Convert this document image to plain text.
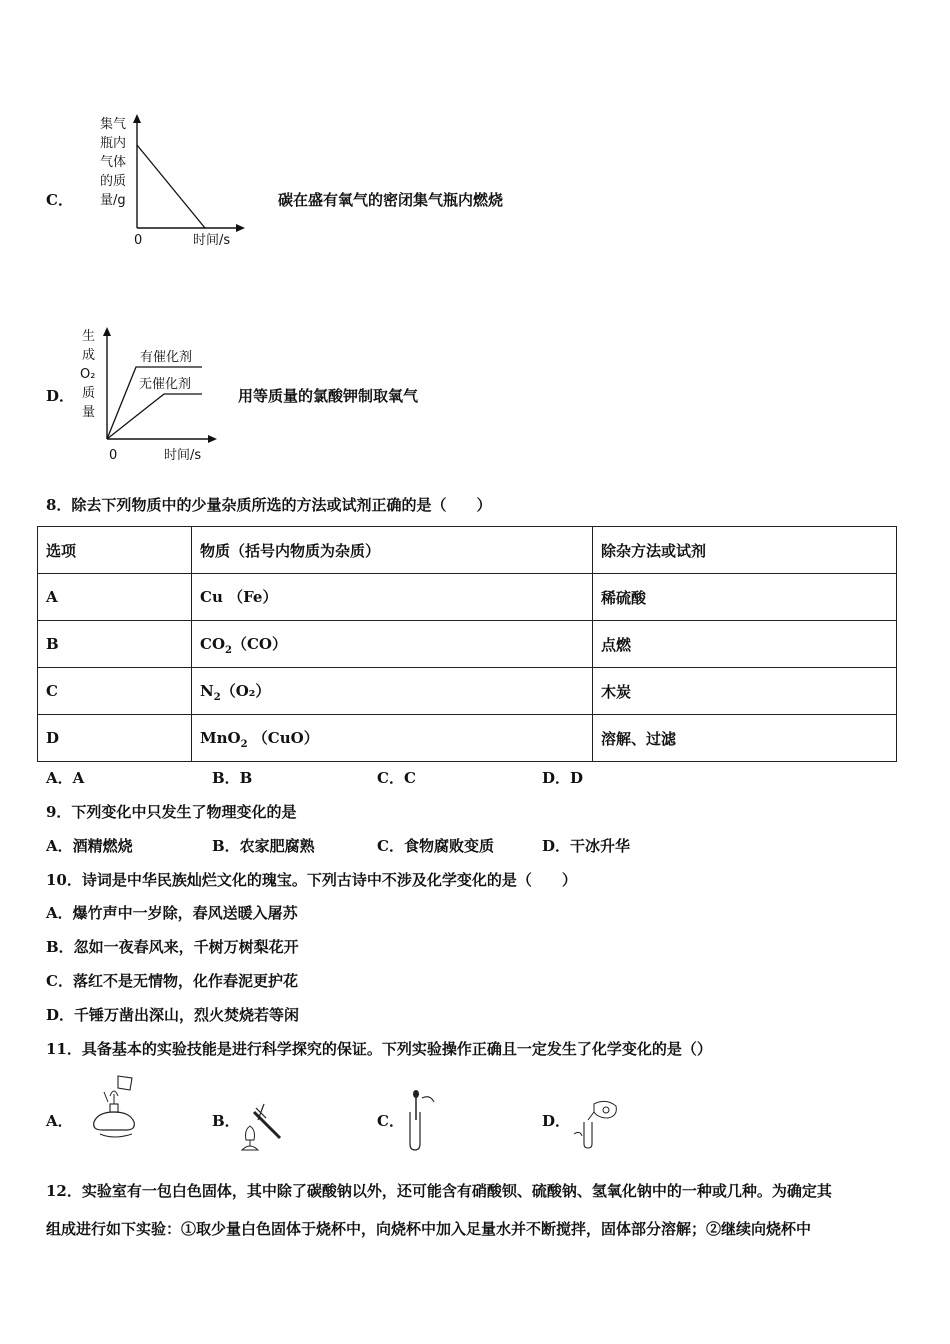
C．
集气
瓶内
气体
的质
量/g
0	时间/s
碳在盛有氧气的密闭集气瓶内燃烧
D．
生
成
O₂
质
量
有催化剂
无催化剂
0	时间/s
用等质量的氯酸钾制取氧气
8．除去下列物质中的少量杂质所选的方法或试剂正确的是（　　）
选项	物质（括号内物质为杂质）	除杂方法或试剂
A	Cu （Fe）	稀硫酸
B	$CO_2(CO)$	点燃
C	$N_2(O_2)$	木炭
D	MnO$_2$ （CuO）	溶解、过滤
A．A	B．B	C．C	D．D
9．下列变化中只发生了物理变化的是
A．酒精燃烧	B．农家肥腐熟	C．食物腐败变质	D．干冰升华
10．诗词是中华民族灿烂文化的瑰宝。下列古诗中不涉及化学变化的是（　　）
A．爆竹声中一岁除，春风送暖入屠苏
B．忽如一夜春风来，千树万树梨花开
C．落红不是无情物，化作春泥更护花
D．千锤万凿出深山，烈火焚烧若等闲
11．具备基本的实验技能是进行科学探究的保证。下列实验操作正确且一定发生了化学变化的是（）
A．	B．	C．	D．
12．实验室有一包白色固体，其中除了碳酸钠以外，还可能含有硝酸钡、硫酸钠、氢氧化钠中的一种或几种。为确定其
组成进行如下实验：①取少量白色固体于烧杯中，向烧杯中加入足量水并不断搅拌，固体部分溶解；②继续向烧杯中
